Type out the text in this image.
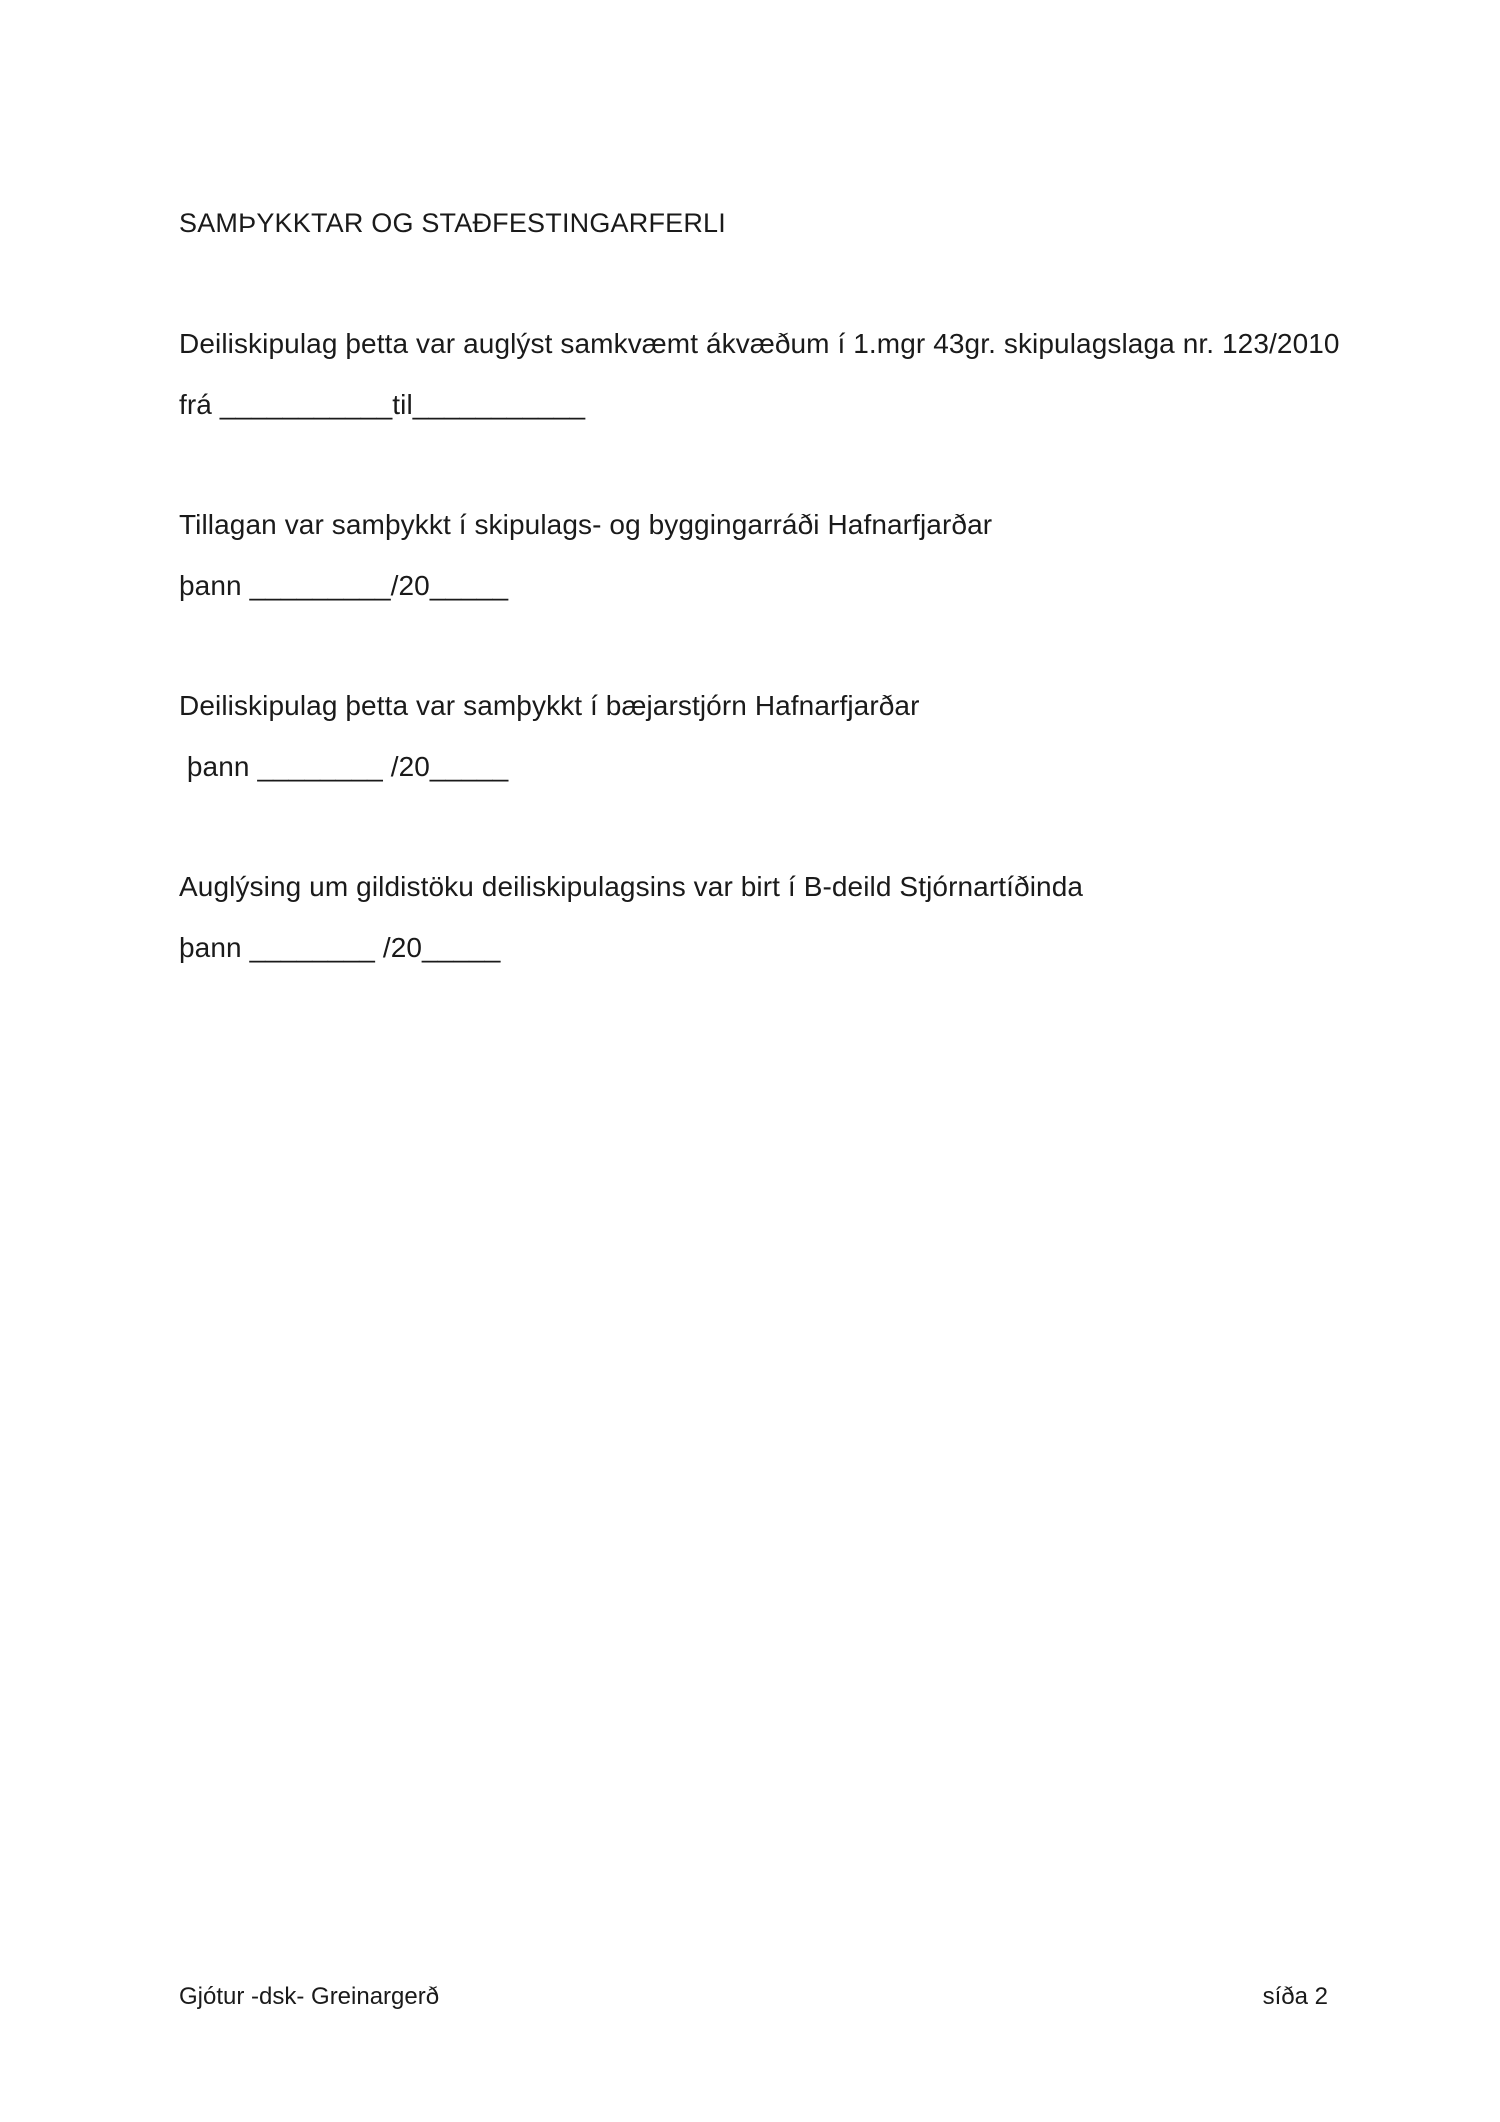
SAMÞYKKTAR OG STAÐFESTINGARFERLI
Deiliskipulag þetta var auglýst samkvæmt ákvæðum í 1.mgr 43gr. skipulagslaga nr. 123/2010
frá ___________til___________
Tillagan var samþykkt í skipulags- og byggingarráði Hafnarfjarðar
þann _________/20_____
Deiliskipulag þetta var samþykkt í bæjarstjórn Hafnarfjarðar
þann ________ /20_____
Auglýsing um gildistöku deiliskipulagsins var birt í B-deild Stjórnartíðinda
þann ________ /20_____
Gjótur -dsk- Greinargerð	síða 2
